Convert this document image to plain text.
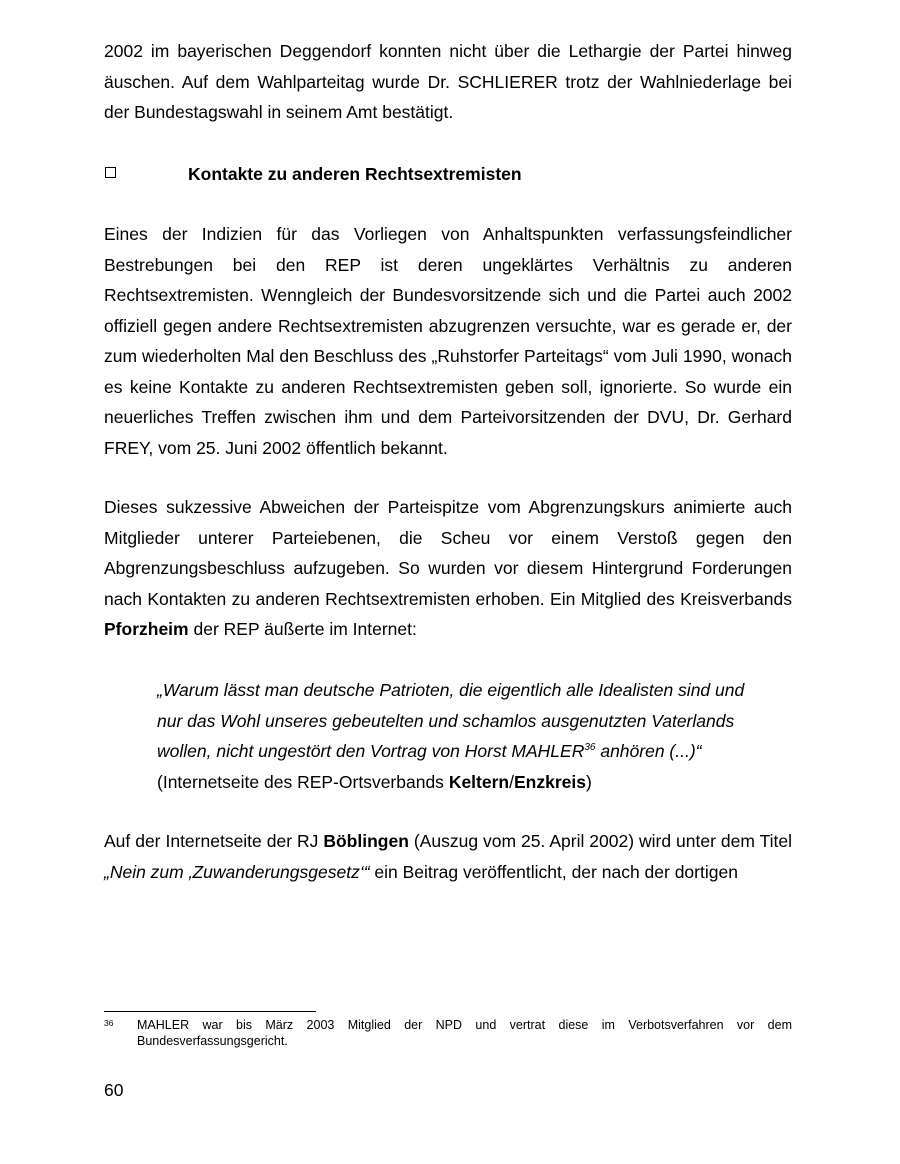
2002 im bayerischen Deggendorf konnten nicht über die Lethargie der Partei hinweg äuschen. Auf dem Wahlparteitag wurde Dr. SCHLIERER trotz der Wahlniederlage bei der Bundestagswahl in seinem Amt bestätigt.

Kontakte zu anderen Rechtsextremisten

Eines der Indizien für das Vorliegen von Anhaltspunkten verfassungsfeindlicher Bestrebungen bei den REP ist deren ungeklärtes Verhältnis zu anderen Rechtsextremisten. Wenngleich der Bundesvorsitzende sich und die Partei auch 2002 offiziell gegen andere Rechtsextremisten abzugrenzen versuchte, war es gerade er, der zum wiederholten Mal den Beschluss des „Ruhstorfer Parteitags“ vom Juli 1990, wonach es keine Kontakte zu anderen Rechtsextremisten geben soll, ignorierte. So wurde ein neuerliches Treffen zwischen ihm und dem Parteivorsitzenden der DVU, Dr. Gerhard FREY, vom 25. Juni 2002 öffentlich bekannt.

Dieses sukzessive Abweichen der Parteispitze vom Abgrenzungskurs animierte auch Mitglieder unterer Parteiebenen, die Scheu vor einem Verstoß gegen den Abgrenzungsbeschluss aufzugeben. So wurden vor diesem Hintergrund Forderungen nach Kontakten zu anderen Rechtsextremisten erhoben. Ein Mitglied des Kreisverbands Pforzheim der REP äußerte im Internet:

„Warum lässt man deutsche Patrioten, die eigentlich alle Idealisten sind und nur das Wohl unseres gebeutelten und schamlos ausgenutzten Vaterlands wollen, nicht ungestört den Vortrag von Horst MAHLER$^{36}$ anhören (...)“
(Internetseite des REP-Ortsverbands Keltern/Enzkreis)

Auf der Internetseite der RJ Böblingen (Auszug vom 25. April 2002) wird unter dem Titel „Nein zum ‚Zuwanderungsgesetz‘“ ein Beitrag veröffentlicht, der nach der dortigen

36 MAHLER war bis März 2003 Mitglied der NPD und vertrat diese im Verbotsverfahren vor dem Bundesverfassungsgericht.
60
